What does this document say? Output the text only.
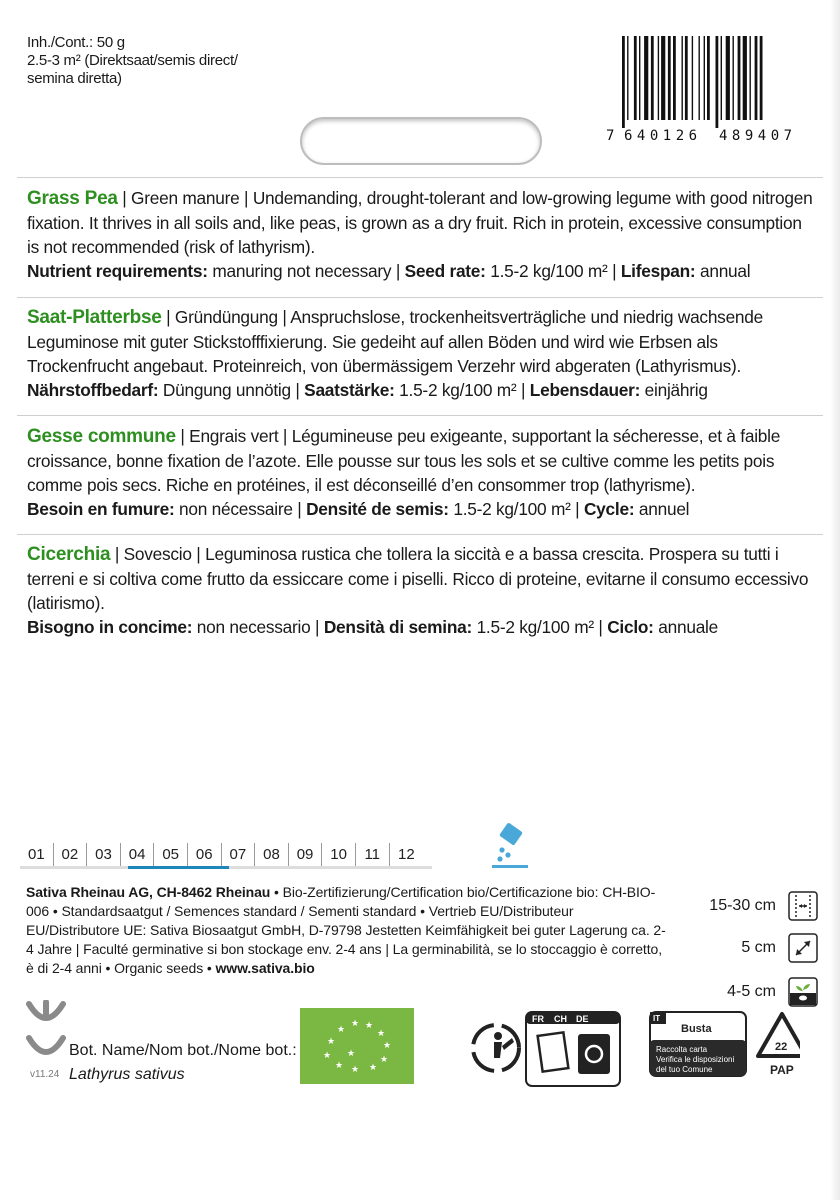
Inh./Cont.: 50 g
2.5-3 m² (Direktsaat/semis direct/
semina diretta)
7 640126 489407
Grass Pea | Green manure | Undemanding, drought-tolerant and low-growing legume with good nitrogen fixation. It thrives in all soils and, like peas, is grown as a dry fruit. Rich in protein, excessive consumption is not recommended (risk of lathyrism).
Nutrient requirements: manuring not necessary | Seed rate: 1.5-2 kg/100 m² | Lifespan: annual
Saat-Platterbse | Gründüngung | Anspruchslose, trockenheitsverträgliche und niedrig wachsende Leguminose mit guter Stickstofffixierung. Sie gedeiht auf allen Böden und wird wie Erbsen als Trockenfrucht angebaut. Proteinreich, von übermässigem Verzehr wird abgeraten (Lathyrismus).
Nährstoffbedarf: Düngung unnötig | Saatstärke: 1.5-2 kg/100 m² | Lebensdauer: einjährig
Gesse commune | Engrais vert | Légumineuse peu exigeante, supportant la sécheresse, et à faible croissance, bonne fixation de l’azote. Elle pousse sur tous les sols et se cultive comme les petits pois comme pois secs. Riche en protéines, il est déconseillé d’en consommer trop (lathyrisme).
Besoin en fumure: non nécessaire | Densité de semis: 1.5-2 kg/100 m² | Cycle: annuel
Cicerchia | Sovescio | Leguminosa rustica che tollera la siccità e a bassa crescita. Prospera su tutti i terreni e si coltiva come frutto da essiccare come i piselli. Ricco di proteine, evitarne il consumo eccessivo (latirismo).
Bisogno in concime: non necessario | Densità di semina: 1.5-2 kg/100 m² | Ciclo: annuale
01	02	03	04	05	06	07	08	09	10	11	12
Sativa Rheinau AG, CH-8462 Rheinau • Bio-Zertifizierung/Certification bio/Certificazione bio: CH-BIO-006 • Standardsaatgut / Semences standard / Sementi standard • Vertrieb EU/Distributeur EU/Distributore UE: Sativa Biosaatgut GmbH, D-79798 Jestetten Keimfähigkeit bei guter Lagerung ca. 2-4 Jahre | Faculté germinative si bon stockage env. 2-4 ans | La germinabilità, se lo stoccaggio è corretto, è di 2-4 anni • Organic seeds • www.sativa.bio
15-30 cm
5 cm
4-5 cm
v11.24
Bot. Name/Nom bot./Nome bot.:
Lathyrus sativus
★
★
★
★ ★
★
★
★
★
★
★
★
FR CH DE	IT
Busta
Raccolta carta
Verifica le disposizioni
del tuo Comune
22
PAP
